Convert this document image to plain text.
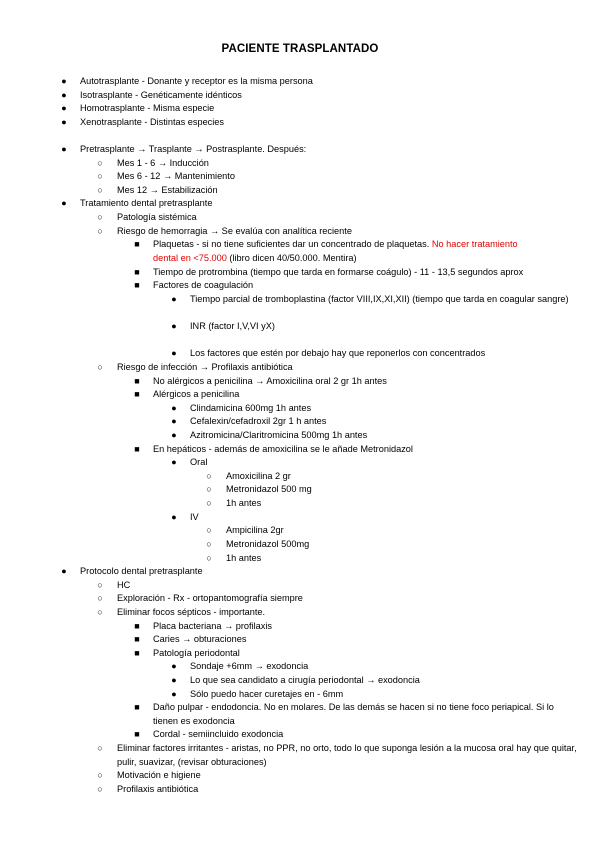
PACIENTE TRASPLANTADO
●	Autotrasplante - Donante y receptor es la misma persona
●	Isotrasplante - Genéticamente idénticos
●	Homotrasplante - Misma especie
●	Xenotrasplante - Distintas especies
●	Pretrasplante → Trasplante → Postrasplante. Después:
○	Mes 1 - 6 → Inducción
○	Mes 6 - 12 → Mantenimiento
○	Mes 12 → Estabilización
●	Tratamiento dental pretrasplante
○	Patología sistémica
○	Riesgo de hemorragia → Se evalúa con analítica reciente
■	Plaquetas - si no tiene suficientes dar un concentrado de plaquetas. No hacer tratamiento
dental en <75.000 (libro dicen 40/50.000. Mentira)
■	Tiempo de protrombina (tiempo que tarda en formarse coágulo) - 11 - 13,5 segundos aprox
■	Factores de coagulación
●	Tiempo parcial de tromboplastina (factor VIII,IX,XI,XII) (tiempo que tarda en coagular sangre)
●	INR (factor I,V,VI yX)
●	Los factores que estén por debajo hay que reponerlos con concentrados
○	Riesgo de infección → Profilaxis antibiótica
■	No alérgicos a penicilina → Amoxicilina oral 2 gr 1h antes
■	Alérgicos a penicilina
●	Clindamicina 600mg 1h antes
●	Cefalexin/cefadroxil 2gr 1 h antes
●	Azitromicina/Claritromicina 500mg 1h antes
■	En hepáticos - además de amoxicilina se le añade Metronidazol
●	Oral
○	Amoxicilina 2 gr
○	Metronidazol 500 mg
○	1h antes
●	IV
○	Ampicilina 2gr
○	Metronidazol 500mg
○	1h antes
●	Protocolo dental pretrasplante
○	HC
○	Exploración - Rx - ortopantomografía siempre
○	Eliminar focos sépticos - importante.
■	Placa bacteriana → profilaxis
■	Caries → obturaciones
■	Patología periodontal
●	Sondaje +6mm → exodoncia
●	Lo que sea candidato a cirugía periodontal → exodoncia
●	Sólo puedo hacer curetajes en - 6mm
■	Daño pulpar - endodoncia. No en molares. De las demás se hacen si no tiene foco periapical. Si lo tienen es exodoncia
■	Cordal - semiincluido exodoncia
○	Eliminar factores irritantes - aristas, no PPR, no orto, todo lo que suponga lesión a la mucosa oral hay que quitar, pulir, suavizar, (revisar obturaciones)
○	Motivación e higiene
○	Profilaxis antibiótica
